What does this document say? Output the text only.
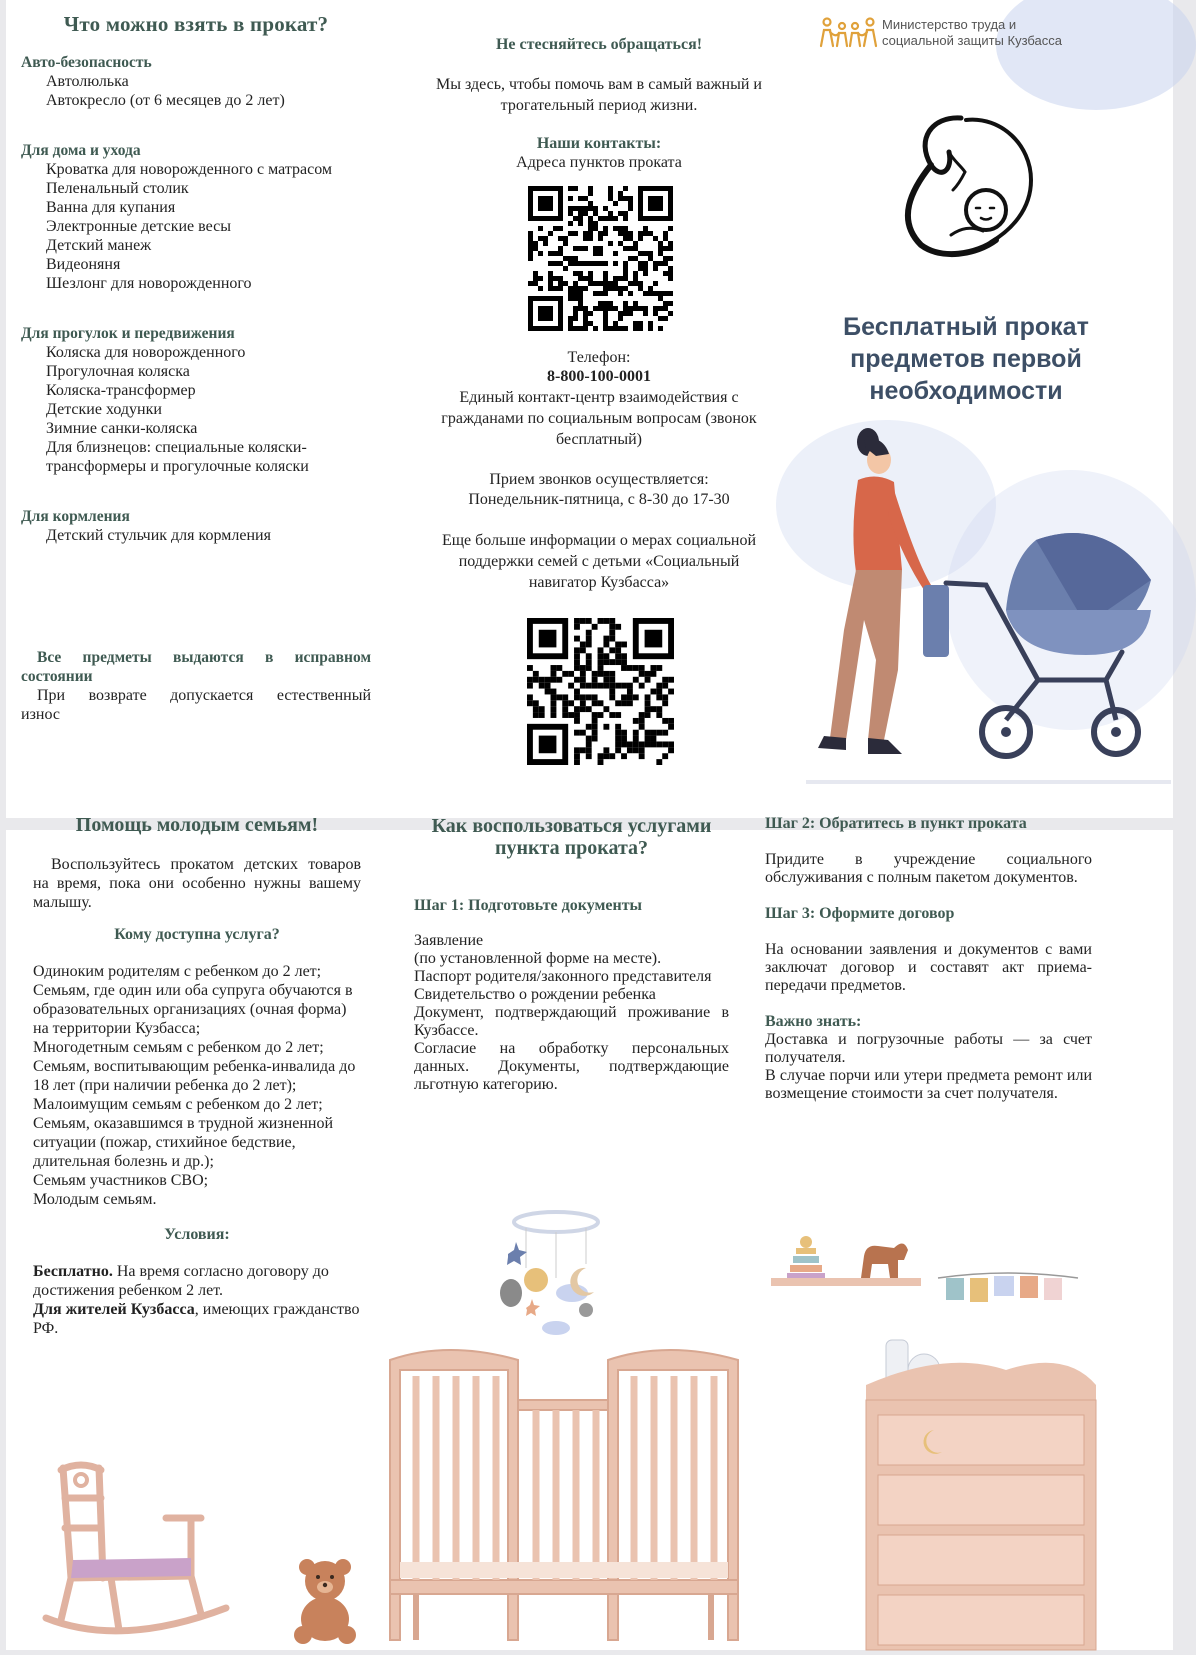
Что можно взять в прокат?
Авто-безопасность
Автолюлька
Автокресло (от 6 месяцев до 2 лет)
Для дома и ухода
Кроватка для новорожденного с матрасом
Пеленальный столик
Ванна для купания
Электронные детские весы
Детский манеж
Видеоняня
Шезлонг для новорожденного
Для прогулок и передвижения
Коляска для новорожденного
Прогулочная коляска
Коляска-трансформер
Детские ходунки
Зимние санки-коляска
Для близнецов: специальные коляски-трансформеры и прогулочные коляски
Для кормления
Детский стульчик для кормления

Все предметы выдаются в исправном состоянии

При возврате допускается естественный износ

Не стесняйтесь обращаться!

Мы здесь, чтобы помочь вам в самый важный и трогательный период жизни.

Наши контакты:
Адреса пунктов проката
Телефон:
8-800-100-0001

Единый контакт-центр взаимодействия с гражданами по социальным вопросам (звонок бесплатный)

Прием звонков осуществляется:
Понедельник-пятница, с 8-30 до 17-30

Еще больше информации о мерах социальной поддержки семей с детьми «Социальный навигатор Кузбасса»

Министерство труда и социальной защиты Кузбасса
Бесплатный прокат предметов первой необходимости
Помощь молодым семьям!

Воспользуйтесь прокатом детских товаров на время, пока они особенно нужны вашему малышу.

Кому доступна услуга?
Одиноким родителям с ребенком до 2 лет;
Семьям, где один или оба супруга обучаются в образовательных организациях (очная форма) на территории Кузбасса;
Многодетным семьям с ребенком до 2 лет;
Семьям, воспитывающим ребенка-инвалида до 18 лет (при наличии ребенка до 2 лет);
Малоимущим семьям с ребенком до 2 лет;
Семьям, оказавшимся в трудной жизненной ситуации (пожар, стихийное бедствие, длительная болезнь и др.);
Семьям участников СВО;
Молодым семьям.
Условия:

Бесплатно. На время согласно договору до достижения ребенком 2 лет.

Для жителей Кузбасса, имеющих гражданство РФ.

Как воспользоваться услугами пункта проката?
Шаг 1: Подготовьте документы
Заявление
(по установленной форме на месте).
Паспорт родителя/законного представителя
Свидетельство о рождении ребенка
Документ, подтверждающий проживание в Кузбассе.
Согласие на обработку персональных данных. Документы, подтверждающие льготную категорию.
Шаг 2: Обратитесь в пункт проката

Придите в учреждение социального обслуживания с полным пакетом документов.

Шаг 3: Оформите договор

На основании заявления и документов с вами заключат договор и составят акт приема-передачи предметов.

Важно знать:

Доставка и погрузочные работы — за счет получателя.

В случае порчи или утери предмета ремонт или возмещение стоимости за счет получателя.
